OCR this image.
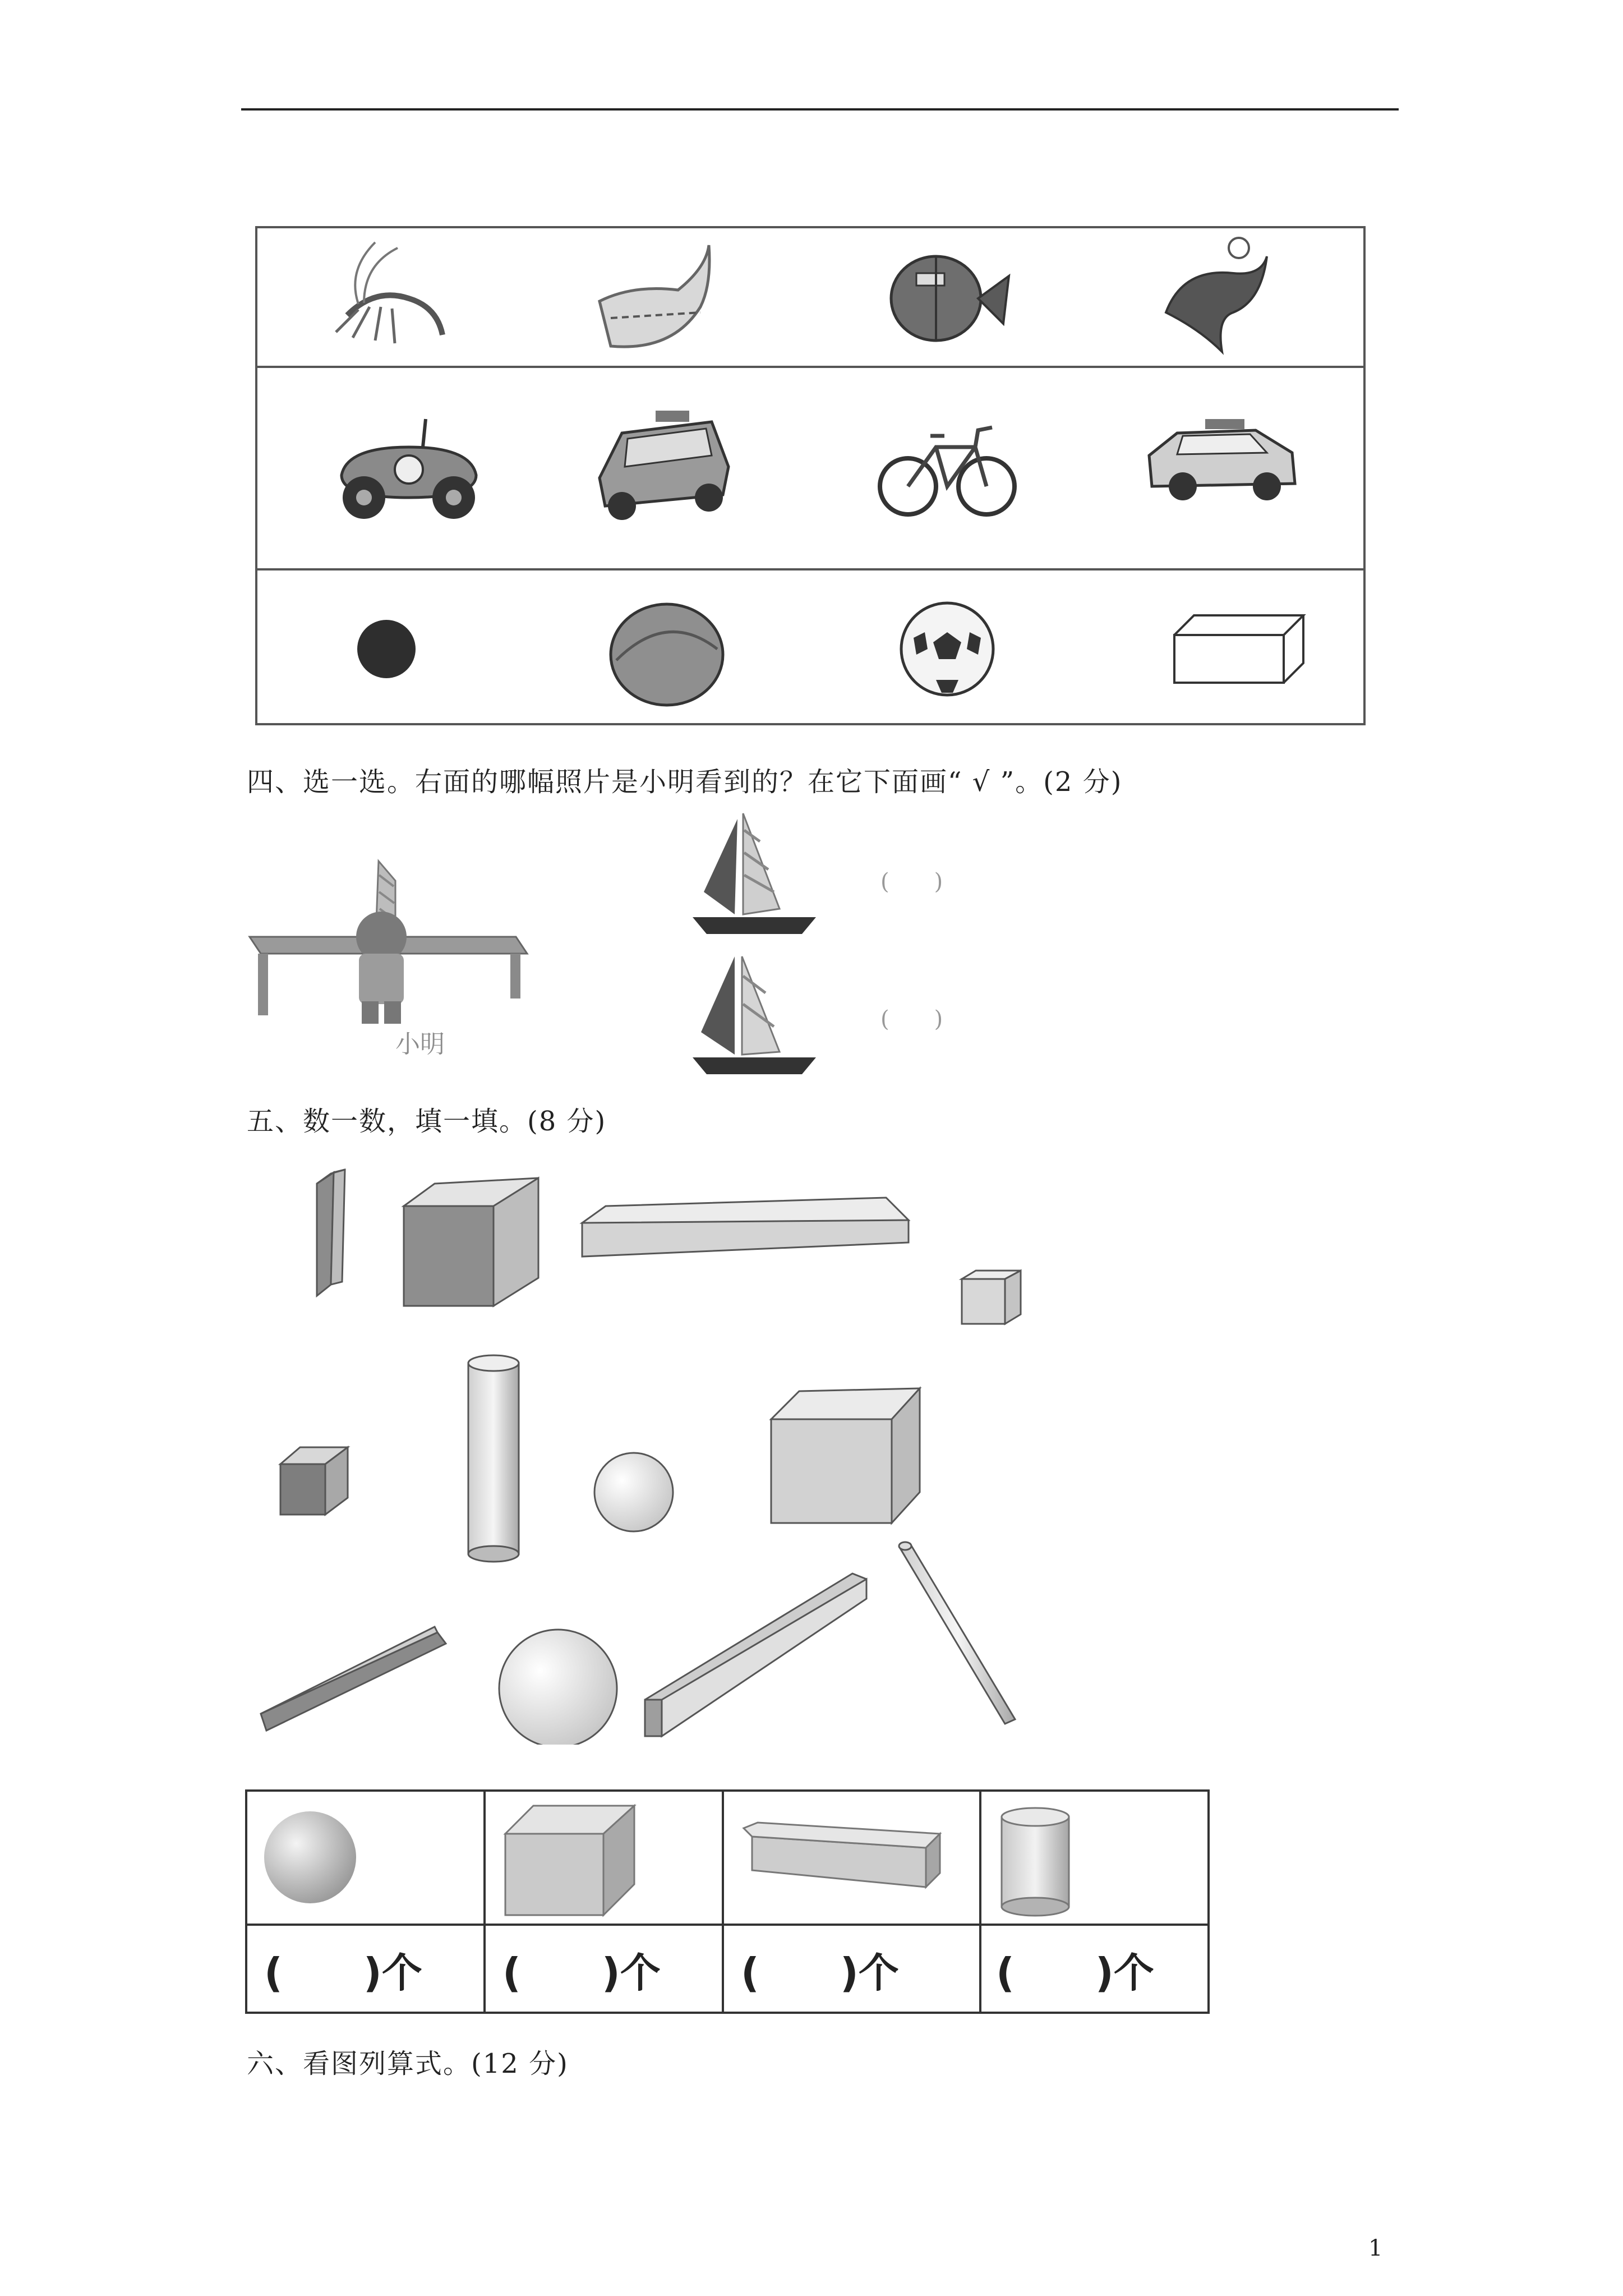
四、选一选。右面的哪幅照片是小明看到的？在它下面画“ √ ”。(2 分)
小明
(　　)
(　　)
五、数一数，填一填。(8 分)
(　　)个 (　　)个 (　　)个 (　　)个
六、看图列算式。(12 分)
1
